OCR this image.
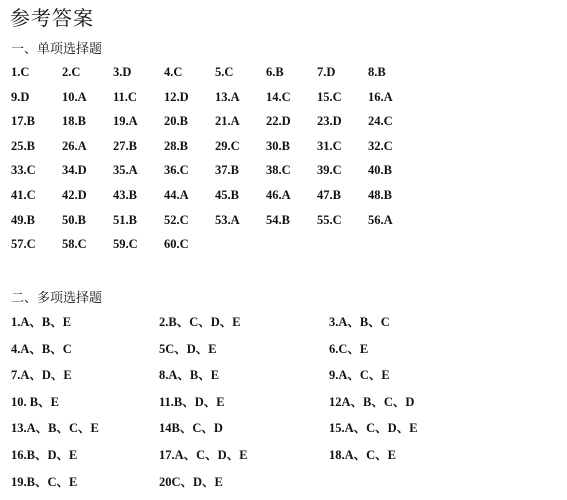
参考答案
一、单项选择题
1.C	2.C	3.D	4.C	5.C	6.B	7.D	8.B
9.D	10.A	11.C	12.D	13.A	14.C	15.C	16.A
17.B	18.B	19.A	20.B	21.A	22.D	23.D	24.C
25.B	26.A	27.B	28.B	29.C	30.B	31.C	32.C
33.C	34.D	35.A	36.C	37.B	38.C	39.C	40.B
41.C	42.D	43.B	44.A	45.B	46.A	47.B	48.B
49.B	50.B	51.B	52.C	53.A	54.B	55.C	56.A
57.C	58.C	59.C	60.C
二、多项选择题
1.A、B、E	2.B、C、D、E	3.A、B、C
4.A、B、C	5C、D、E	6.C、E
7.A、D、E	8.A、B、E	9.A、C、E
10. B、E	11.B、D、E	12A、B、C、D
13.A、B、C、E	14B、C、D	15.A、C、D、E
16.B、D、E	17.A、C、D、E	18.A、C、E
19.B、C、E	20C、D、E
